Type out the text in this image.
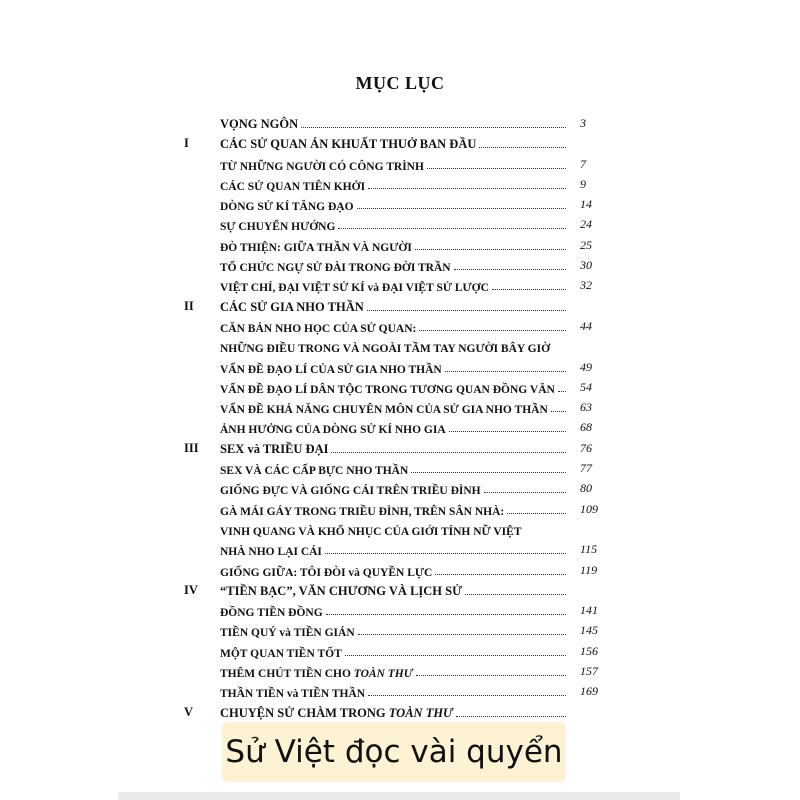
MỤC LỤC
VỌNG NGÔN	3
I	CÁC SỬ QUAN ÁN KHUẤT THUỞ BAN ĐẦU
TỪ NHỮNG NGƯỜI CÓ CÔNG TRÌNH	7
CÁC SỬ QUAN TIÊN KHỞI	9
DÒNG SỬ KÍ TĂNG ĐẠO	14
SỰ CHUYỂN HƯỚNG	24
ĐÒ THIỆN: GIỮA THẦN VÀ NGƯỜI	25
TỔ CHỨC NGỰ SỬ ĐÀI TRONG ĐỜI TRẦN	30
VIỆT CHÍ, ĐẠI VIỆT SỬ KÍ và ĐẠI VIỆT SỬ LƯỢC	32
II	CÁC SỬ GIA NHO THẦN
CĂN BẢN NHO HỌC CỦA SỬ QUAN:	44
NHỮNG ĐIỀU TRONG VÀ NGOÀI TẦM TAY NGƯỜI BÂY GIỜ
VẤN ĐỀ ĐẠO LÍ CỦA SỬ GIA NHO THẦN	49
VẤN ĐỀ ĐẠO LÍ DÂN TỘC TRONG TƯƠNG QUAN ĐỒNG VĂN 54
VẤN ĐỀ KHẢ NĂNG CHUYÊN MÔN CỦA SỬ GIA NHO THẦN	63
ẢNH HƯỞNG CỦA DÒNG SỬ KÍ NHO GIA	68
III	SEX và TRIỀU ĐẠI	76
SEX VÀ CÁC CẤP BỰC NHO THẦN	77
GIỐNG ĐỰC VÀ GIỐNG CÁI TRÊN TRIỀU ĐÌNH	80
GÀ MÁI GÁY TRONG TRIỀU ĐÌNH, TRÊN SÂN NHÀ:	109
VINH QUANG VÀ KHỔ NHỤC CỦA GIỚI TÍNH NỮ VIỆT
NHÀ NHO LẠI CÁI	115
GIỐNG GIỮA: TÔI ĐÒI và QUYỀN LỰC	119
IV	“TIỀN BẠC”, VĂN CHƯƠNG VÀ LỊCH SỬ
ĐỒNG TIỀN ĐỒNG	141
TIỀN QUÝ và TIỀN GIÁN	145
MỘT QUAN TIỀN TỐT	156
THÊM CHÚT TIỀN CHO TOÀN THƯ	157
THẦN TIỀN và TIỀN THẦN	169
V	CHUYỆN SỬ CHÀM TRONG TOÀN THƯ
Sử Việt đọc vài quyển
